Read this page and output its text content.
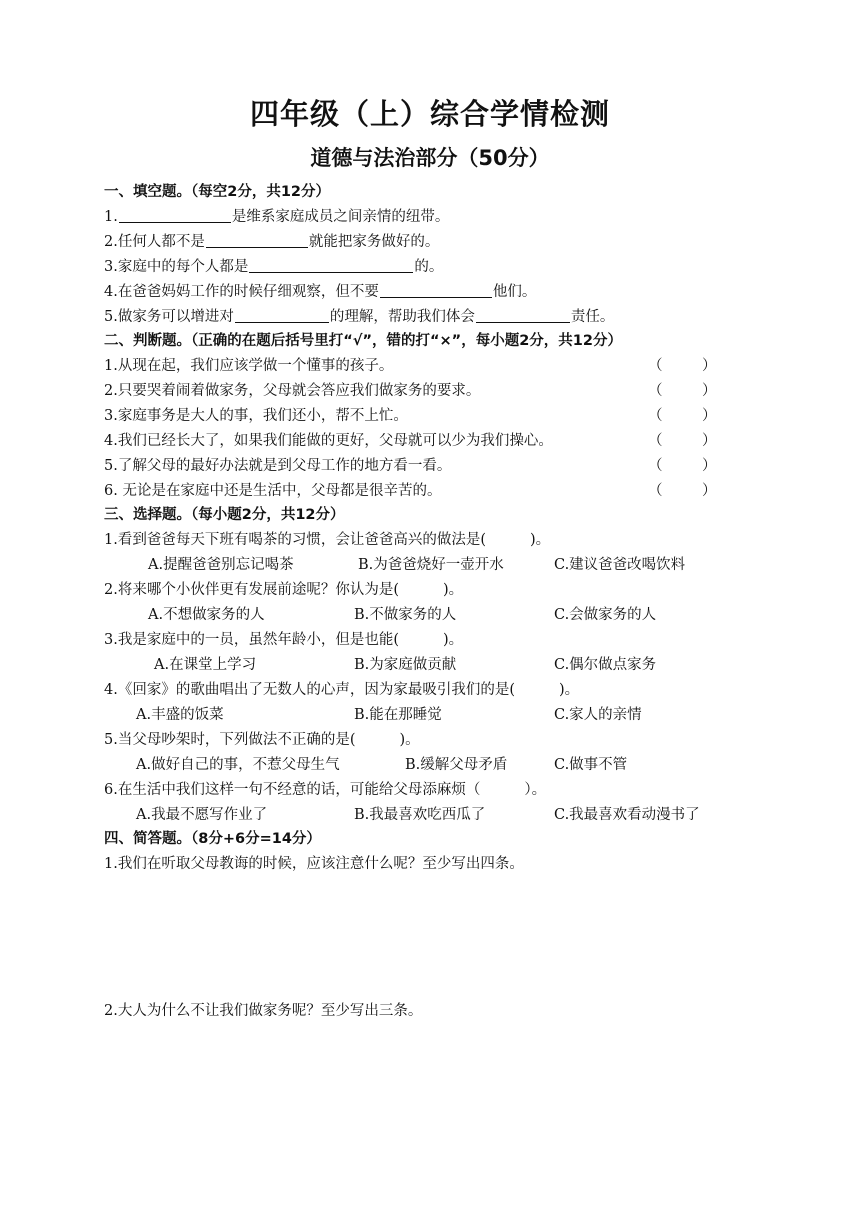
四年级（上）综合学情检测
道德与法治部分（50分）
一、填空题。（每空2分，共12分）
1.	是维系家庭成员之间亲情的纽带。
2.任何人都不是	就能把家务做好的。
3.家庭中的每个人都是	的。
4.在爸爸妈妈工作的时候仔细观察，但不要	他们。
5.做家务可以增进对	的理解，帮助我们体会	责任。
二、判断题。（正确的在题后括号里打“√”，错的打“×”，每小题2分，共12分）
1.从现在起，我们应该学做一个懂事的孩子。	（	）
2.只要哭着闹着做家务，父母就会答应我们做家务的要求。	（	）
3.家庭事务是大人的事，我们还小，帮不上忙。	（	）
4.我们已经长大了，如果我们能做的更好，父母就可以少为我们操心。	（	）
5.了解父母的最好办法就是到父母工作的地方看一看。	（	）
6. 无论是在家庭中还是生活中，父母都是很辛苦的。	（	）
三、选择题。（每小题2分，共12分）
1.看到爸爸每天下班有喝茶的习惯，会让爸爸高兴的做法是(	)。
A.提醒爸爸别忘记喝茶	B.为爸爸烧好一壶开水	C.建议爸爸改喝饮料
2.将来哪个小伙伴更有发展前途呢？你认为是(	)。
A.不想做家务的人	B.不做家务的人	C.会做家务的人
3.我是家庭中的一员，虽然年龄小，但是也能(	)。
A.在课堂上学习	B.为家庭做贡献	C.偶尔做点家务
4.《回家》的歌曲唱出了无数人的心声，因为家最吸引我们的是(	)。
A.丰盛的饭菜	B.能在那睡觉	C.家人的亲情
5.当父母吵架时，下列做法不正确的是(	)。
A.做好自己的事，不惹父母生气	B.缓解父母矛盾	C.做事不管
6.在生活中我们这样一句不经意的话，可能给父母添麻烦（	）。
A.我最不愿写作业了	B.我最喜欢吃西瓜了	C.我最喜欢看动漫书了
四、简答题。（8分+6分=14分）
1.我们在听取父母教诲的时候，应该注意什么呢？至少写出四条。
2.大人为什么不让我们做家务呢？至少写出三条。
